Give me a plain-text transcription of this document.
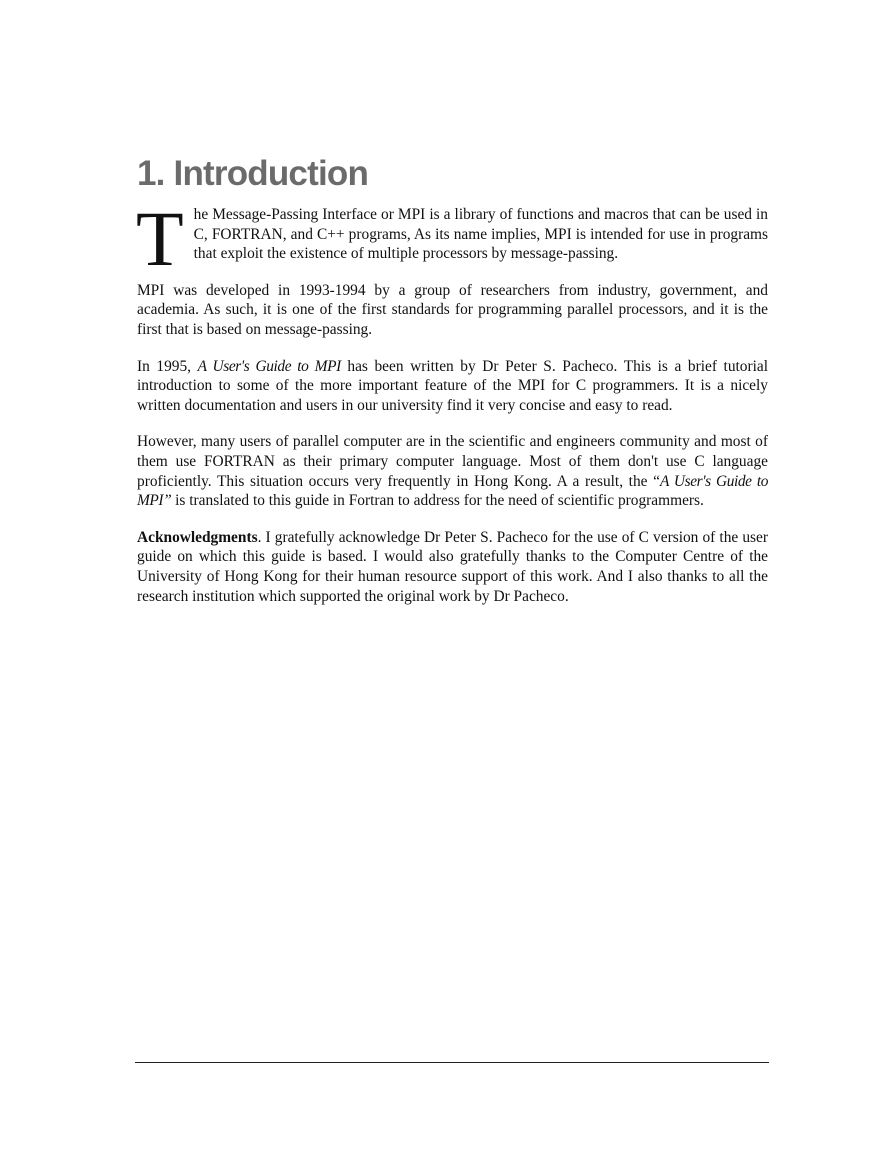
1. Introduction

The Message-Passing Interface or MPI is a library of functions and macros that can be used in C, FORTRAN, and C++ programs, As its name implies, MPI is intended for use in programs that exploit the existence of multiple processors by message-passing.

MPI was developed in 1993-1994 by a group of researchers from industry, government, and academia. As such, it is one of the first standards for programming parallel processors, and it is the first that is based on message-passing.

In 1995, A User's Guide to MPI has been written by Dr Peter S. Pacheco. This is a brief tutorial introduction to some of the more important feature of the MPI for C programmers. It is a nicely written documentation and users in our university find it very concise and easy to read.

However, many users of parallel computer are in the scientific and engineers community and most of them use FORTRAN as their primary computer language. Most of them don't use C language proficiently. This situation occurs very frequently in Hong Kong. A a result, the “A User's Guide to MPI” is translated to this guide in Fortran to address for the need of scientific programmers.

Acknowledgments. I gratefully acknowledge Dr Peter S. Pacheco for the use of C version of the user guide on which this guide is based. I would also gratefully thanks to the Computer Centre of the University of Hong Kong for their human resource support of this work. And I also thanks to all the research institution which supported the original work by Dr Pacheco.
